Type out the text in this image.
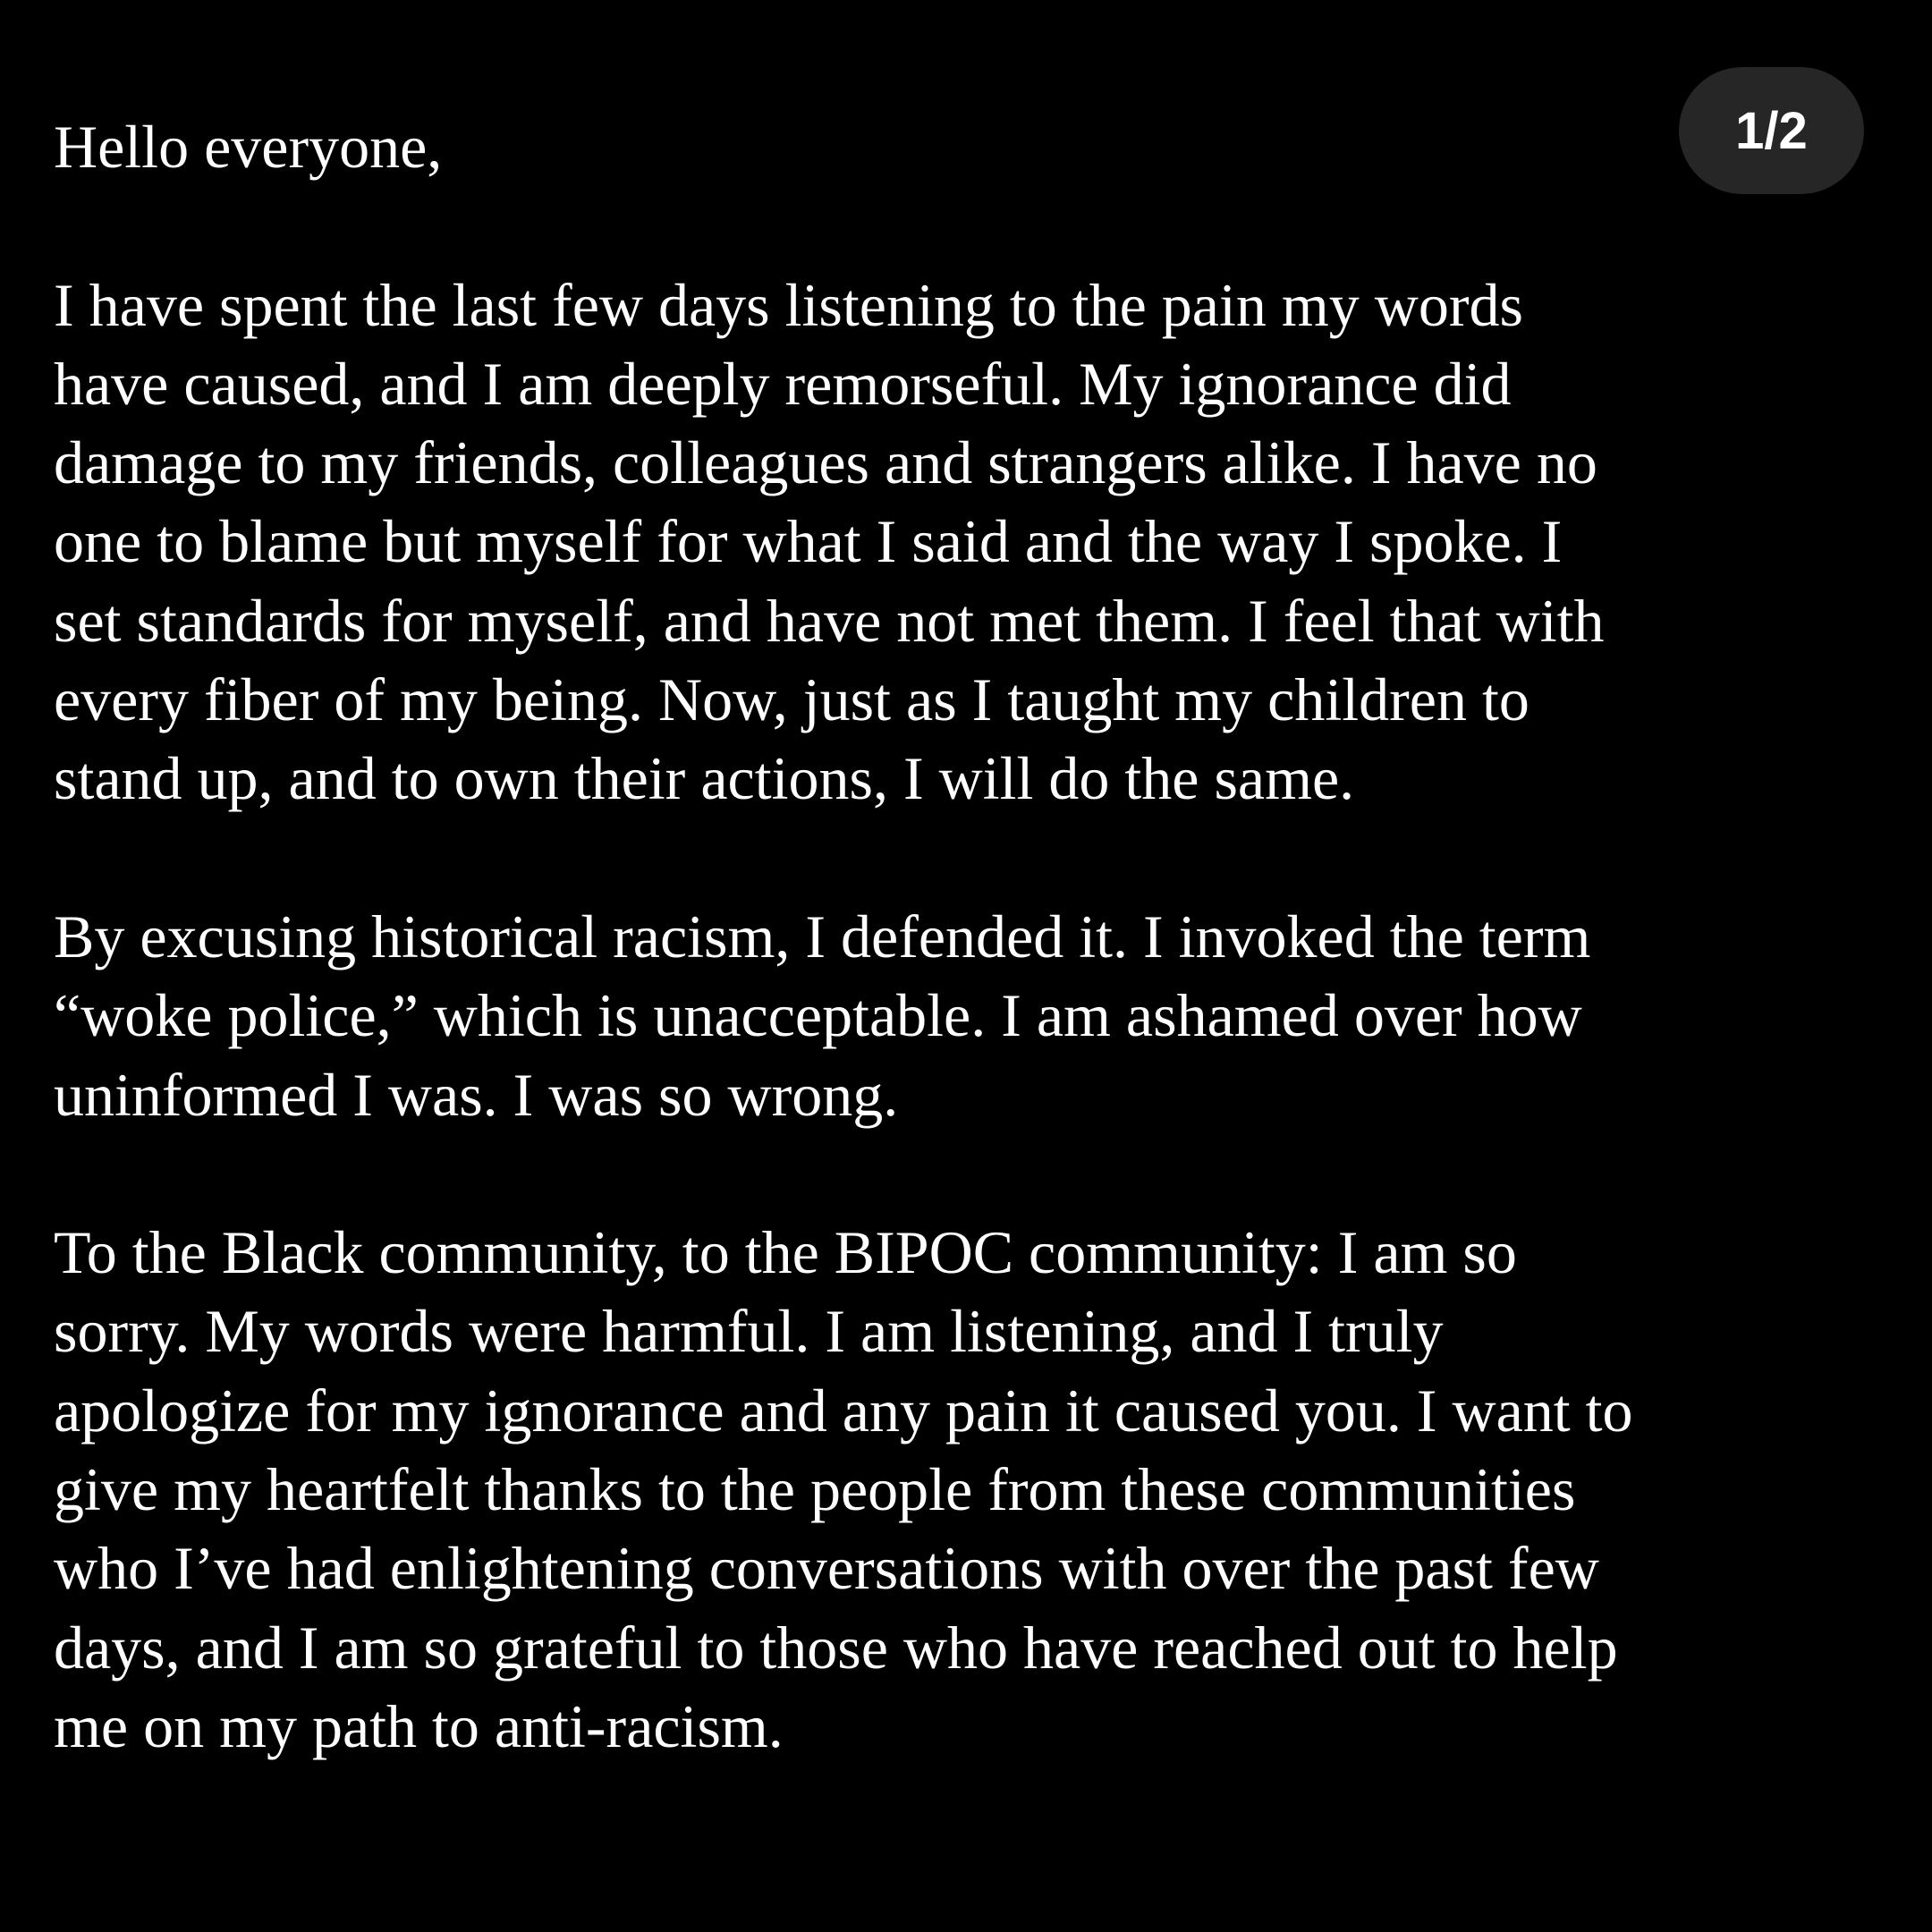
1/2
Hello everyone,
I have spent the last few days listening to the pain my words
have caused, and I am deeply remorseful. My ignorance did
damage to my friends, colleagues and strangers alike. I have no
one to blame but myself for what I said and the way I spoke. I
set standards for myself, and have not met them. I feel that with
every fiber of my being. Now, just as I taught my children to
stand up, and to own their actions, I will do the same.
By excusing historical racism, I defended it. I invoked the term
“woke police,” which is unacceptable. I am ashamed over how
uninformed I was. I was so wrong.
To the Black community, to the BIPOC community: I am so
sorry. My words were harmful. I am listening, and I truly
apologize for my ignorance and any pain it caused you. I want to
give my heartfelt thanks to the people from these communities
who I’ve had enlightening conversations with over the past few
days, and I am so grateful to those who have reached out to help
me on my path to anti-racism.
